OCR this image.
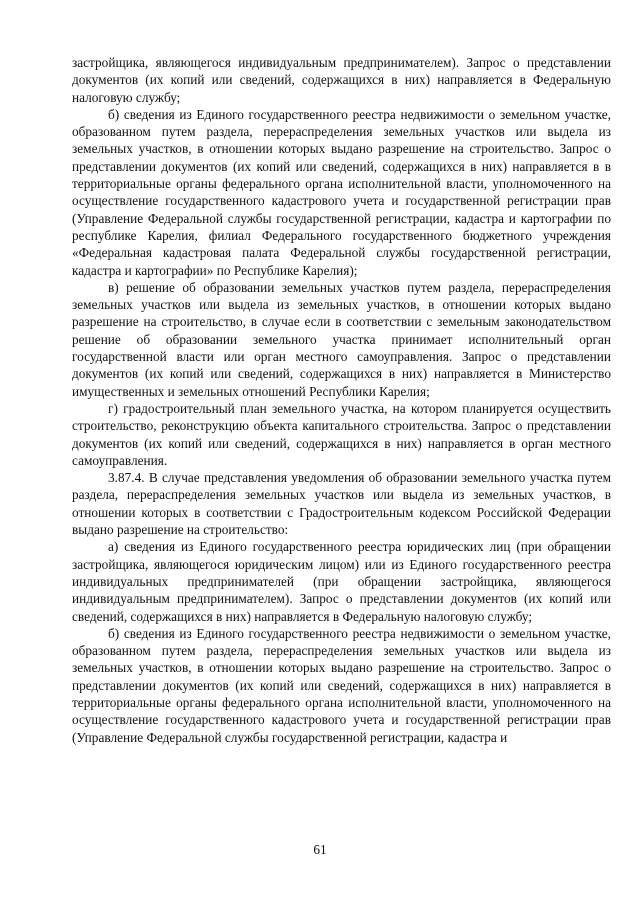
застройщика, являющегося индивидуальным предпринимателем). Запрос о представлении документов (их копий или сведений, содержащихся в них) направляется в Федеральную налоговую службу;

б) сведения из Единого государственного реестра недвижимости о земельном участке, образованном путем раздела, перераспределения земельных участков или выдела из земельных участков, в отношении которых выдано разрешение на строительство. Запрос о представлении документов (их копий или сведений, содержащихся в них) направляется в в территориальные органы федерального органа исполнительной власти, уполномоченного на осуществление государственного кадастрового учета и государственной регистрации прав (Управление Федеральной службы государственной регистрации, кадастра и картографии по республике Карелия, филиал Федерального государственного бюджетного учреждения «Федеральная кадастровая палата Федеральной службы государственной регистрации, кадастра и картографии» по Республике Карелия);

в) решение об образовании земельных участков путем раздела, перераспределения земельных участков или выдела из земельных участков, в отношении которых выдано разрешение на строительство, в случае если в соответствии с земельным законодательством решение об образовании земельного участка принимает исполнительный орган государственной власти или орган местного самоуправления. Запрос о представлении документов (их копий или сведений, содержащихся в них) направляется в Министерство имущественных и земельных отношений Республики Карелия;

г) градостроительный план земельного участка, на котором планируется осуществить строительство, реконструкцию объекта капитального строительства. Запрос о представлении документов (их копий или сведений, содержащихся в них) направляется в орган местного самоуправления.

3.87.4. В случае представления уведомления об образовании земельного участка путем раздела, перераспределения земельных участков или выдела из земельных участков, в отношении которых в соответствии с Градостроительным кодексом Российской Федерации выдано разрешение на строительство:

а) сведения из Единого государственного реестра юридических лиц (при обращении застройщика, являющегося юридическим лицом) или из Единого государственного реестра индивидуальных предпринимателей (при обращении застройщика, являющегося индивидуальным предпринимателем). Запрос о представлении документов (их копий или сведений, содержащихся в них) направляется в Федеральную налоговую службу;

б) сведения из Единого государственного реестра недвижимости о земельном участке, образованном путем раздела, перераспределения земельных участков или выдела из земельных участков, в отношении которых выдано разрешение на строительство. Запрос о представлении документов (их копий или сведений, содержащихся в них) направляется в территориальные органы федерального органа исполнительной власти, уполномоченного на осуществление государственного кадастрового учета и государственной регистрации прав (Управление Федеральной службы государственной регистрации, кадастра и

61
